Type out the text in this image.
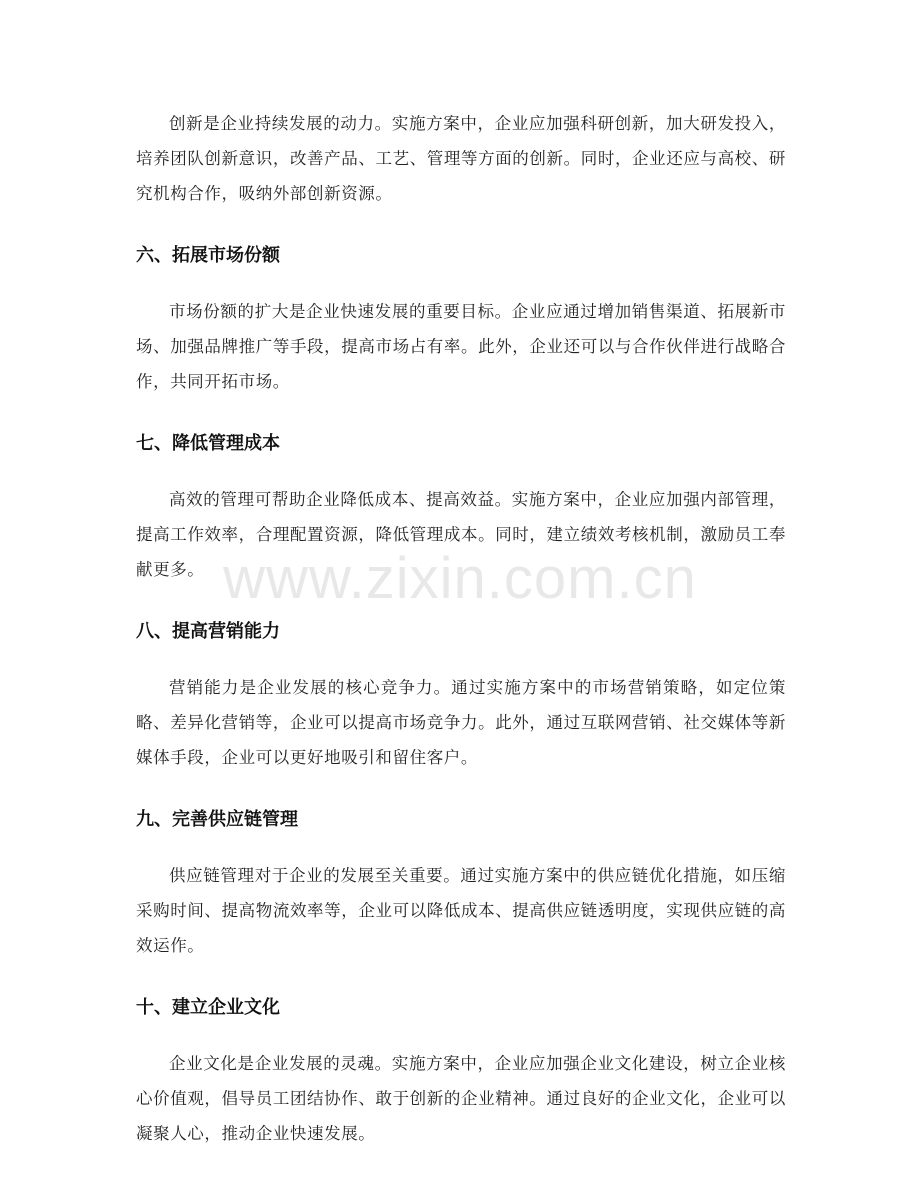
创新是企业持续发展的动力。实施方案中，企业应加强科研创新，加大研发投入，培养团队创新意识，改善产品、工艺、管理等方面的创新。同时，企业还应与高校、研究机构合作，吸纳外部创新资源。

六、拓展市场份额

市场份额的扩大是企业快速发展的重要目标。企业应通过增加销售渠道、拓展新市场、加强品牌推广等手段，提高市场占有率。此外，企业还可以与合作伙伴进行战略合作，共同开拓市场。

七、降低管理成本

高效的管理可帮助企业降低成本、提高效益。实施方案中，企业应加强内部管理，提高工作效率，合理配置资源，降低管理成本。同时，建立绩效考核机制，激励员工奉献更多。

八、提高营销能力

营销能力是企业发展的核心竞争力。通过实施方案中的市场营销策略，如定位策略、差异化营销等，企业可以提高市场竞争力。此外，通过互联网营销、社交媒体等新媒体手段，企业可以更好地吸引和留住客户。

九、完善供应链管理

供应链管理对于企业的发展至关重要。通过实施方案中的供应链优化措施，如压缩采购时间、提高物流效率等，企业可以降低成本、提高供应链透明度，实现供应链的高效运作。

十、建立企业文化

企业文化是企业发展的灵魂。实施方案中，企业应加强企业文化建设，树立企业核心价值观，倡导员工团结协作、敢于创新的企业精神。通过良好的企业文化，企业可以凝聚人心，推动企业快速发展。

www.zixin.com.cn
